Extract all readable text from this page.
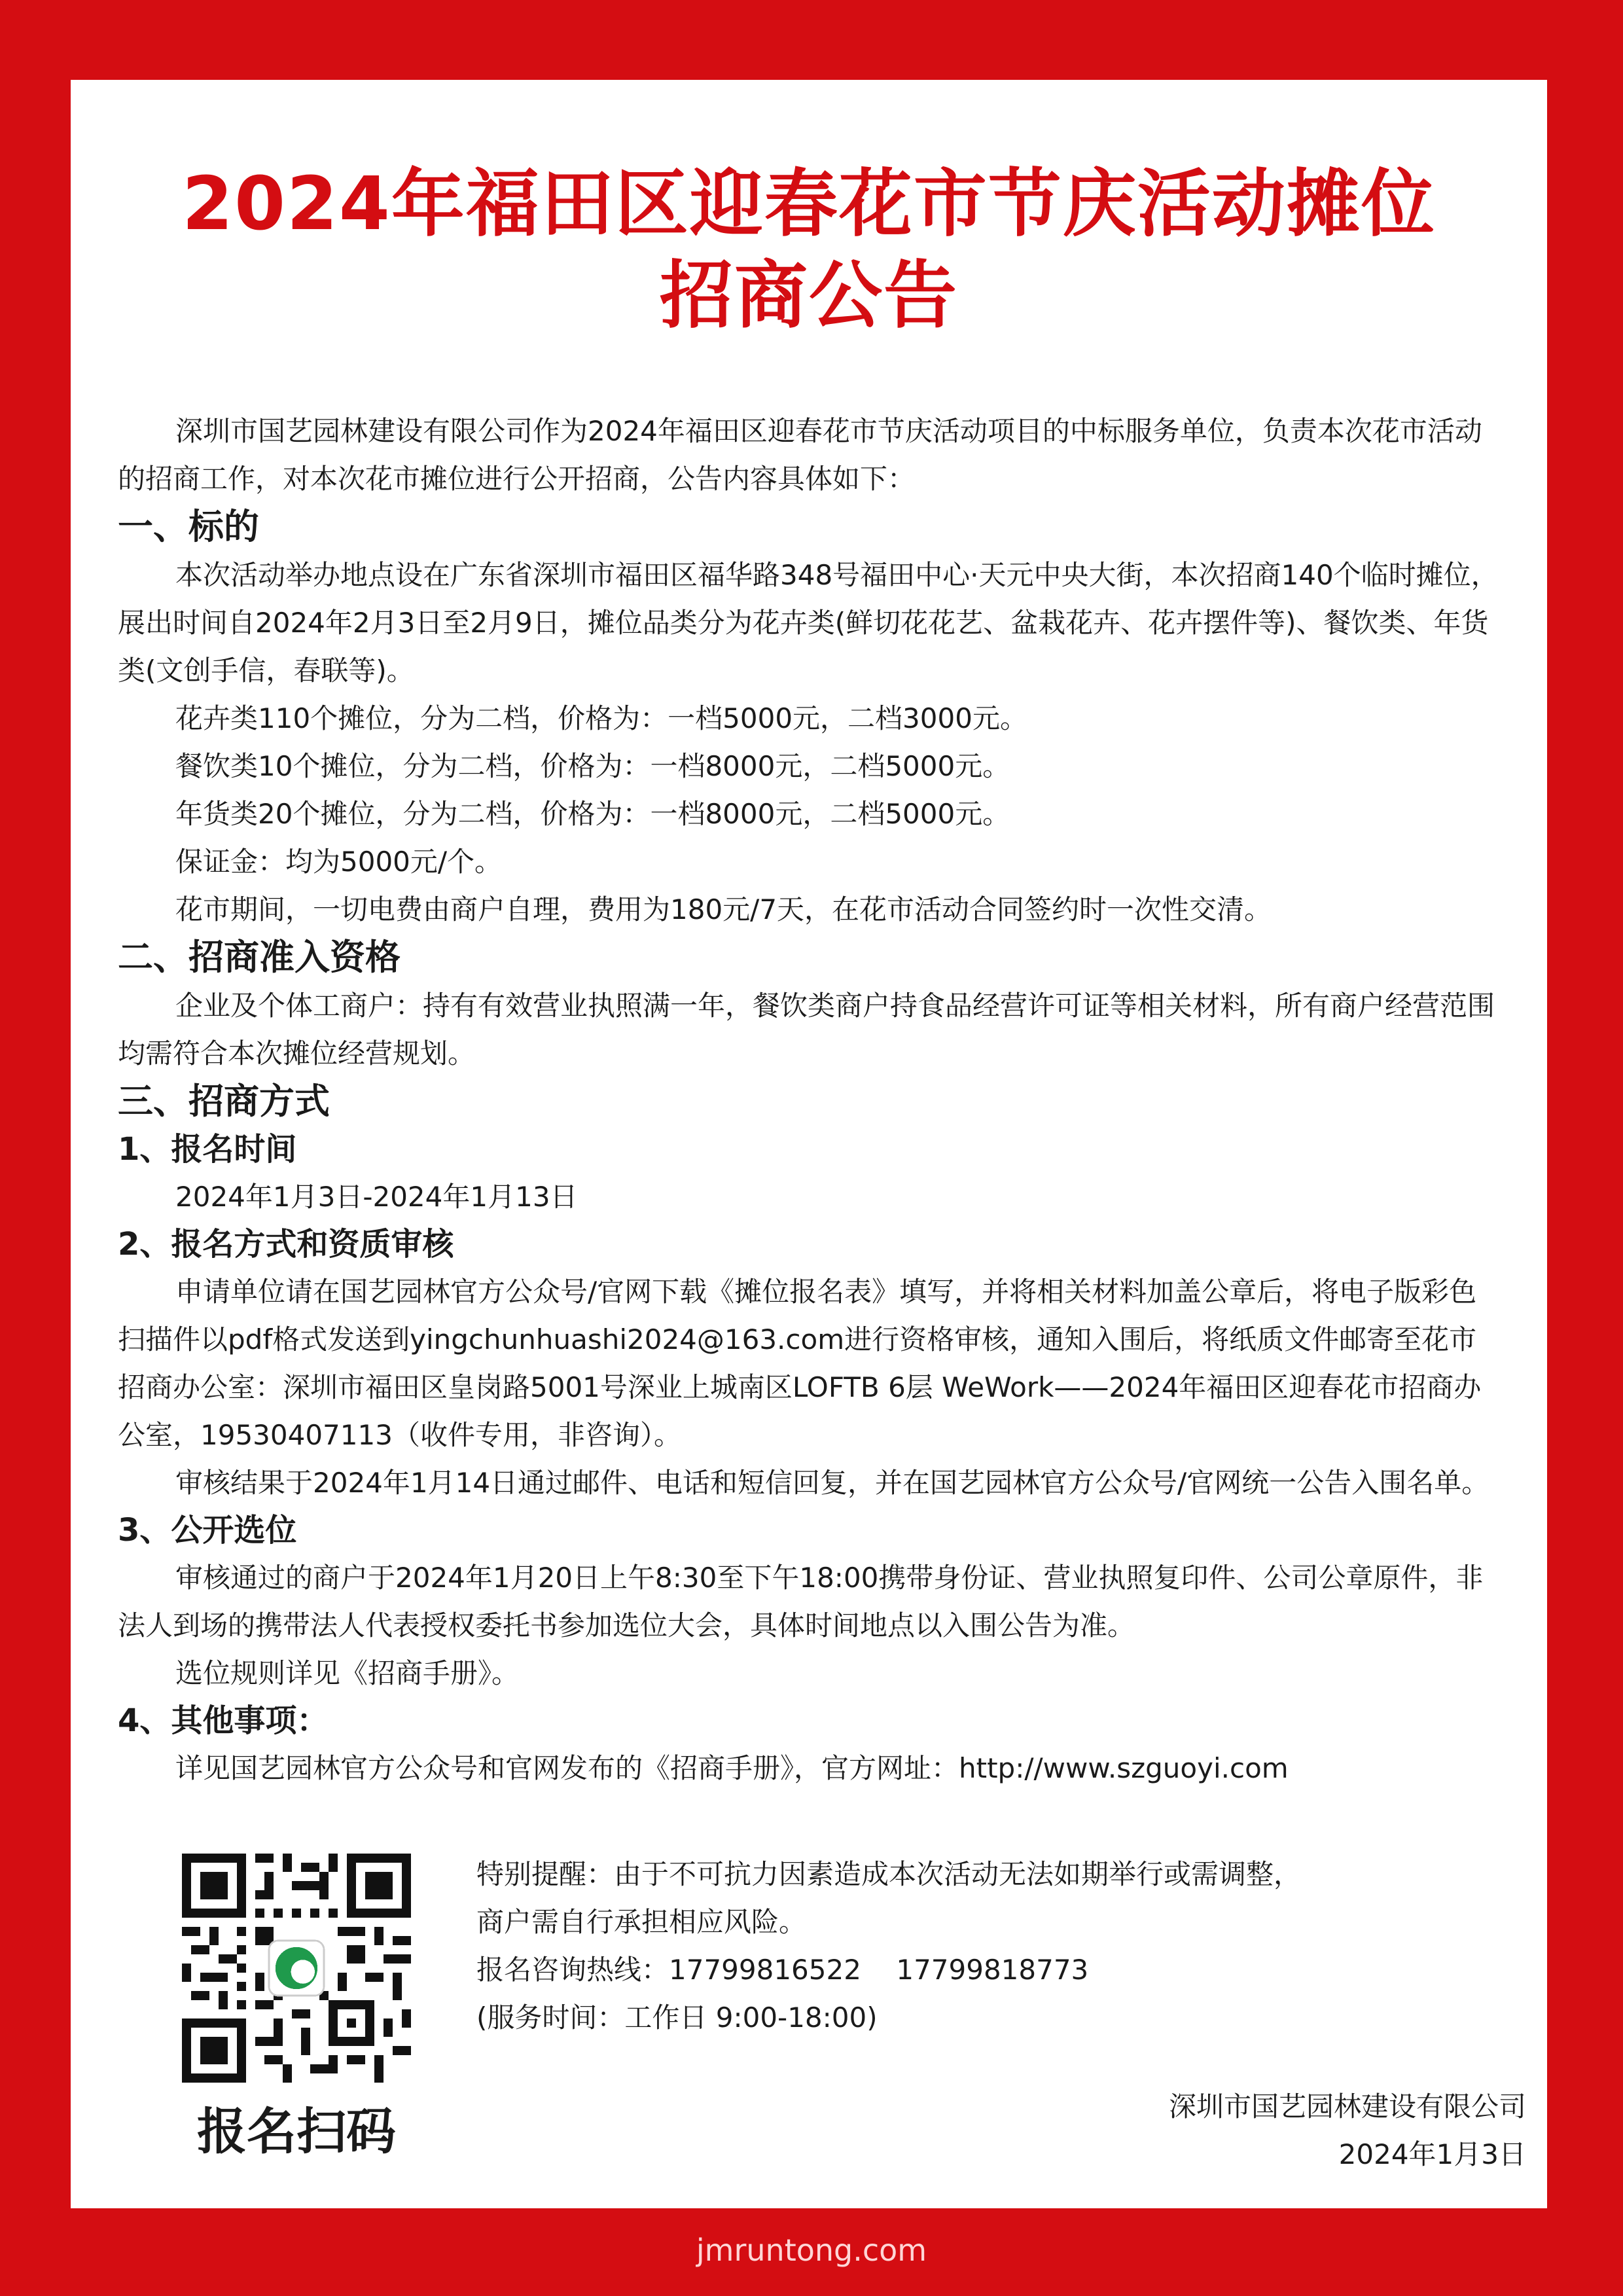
2024年福田区迎春花市节庆活动摊位
招商公告

深圳市国艺园林建设有限公司作为2024年福田区迎春花市节庆活动项目的中标服务单位，负责本次花市活动的招商工作，对本次花市摊位进行公开招商，公告内容具体如下：

一、标的

本次活动举办地点设在广东省深圳市福田区福华路348号福田中心·天元中央大街，本次招商140个临时摊位，展出时间自2024年2月3日至2月9日，摊位品类分为花卉类(鲜切花花艺、盆栽花卉、花卉摆件等)、餐饮类、年货类(文创手信，春联等)。

花卉类110个摊位，分为二档，价格为：一档5000元，二档3000元。

餐饮类10个摊位，分为二档，价格为：一档8000元，二档5000元。

年货类20个摊位，分为二档，价格为：一档8000元，二档5000元。

保证金：均为5000元/个。

花市期间，一切电费由商户自理，费用为180元/7天，在花市活动合同签约时一次性交清。

二、招商准入资格

企业及个体工商户：持有有效营业执照满一年，餐饮类商户持食品经营许可证等相关材料，所有商户经营范围均需符合本次摊位经营规划。

三、招商方式

1、报名时间

2024年1月3日-2024年1月13日

2、报名方式和资质审核

申请单位请在国艺园林官方公众号/官网下载《摊位报名表》填写，并将相关材料加盖公章后，将电子版彩色扫描件以pdf格式发送到yingchunhuashi2024@163.com进行资格审核，通知入围后，将纸质文件邮寄至花市招商办公室：深圳市福田区皇岗路5001号深业上城南区LOFTB 6层 WeWork——2024年福田区迎春花市招商办公室，19530407113（收件专用，非咨询）。

审核结果于2024年1月14日通过邮件、电话和短信回复，并在国艺园林官方公众号/官网统一公告入围名单。

3、公开选位

审核通过的商户于2024年1月20日上午8:30至下午18:00携带身份证、营业执照复印件、公司公章原件，非法人到场的携带法人代表授权委托书参加选位大会，具体时间地点以入围公告为准。

选位规则详见《招商手册》。

4、其他事项：

详见国艺园林官方公众号和官网发布的《招商手册》，官方网址：http://www.szguoyi.com

报名扫码

特别提醒：由于不可抗力因素造成本次活动无法如期举行或需调整，

商户需自行承担相应风险。

报名咨询热线：17799816522    17799818773

(服务时间：工作日 9:00-18:00)

深圳市国艺园林建设有限公司

2024年1月3日

jmruntong.com
